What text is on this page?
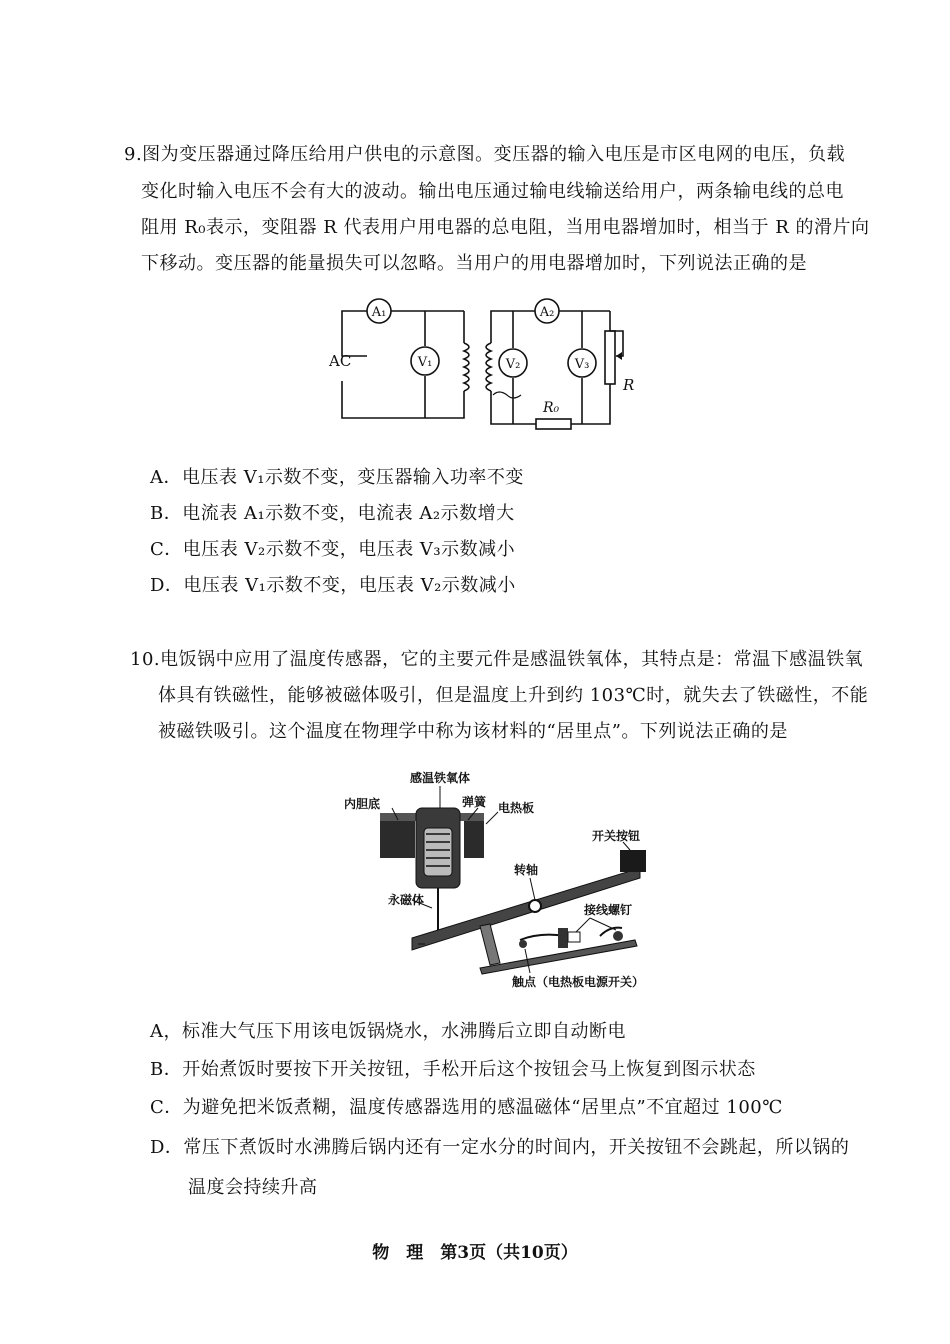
9.图为变压器通过降压给用户供电的示意图。变压器的输入电压是市区电网的电压，负载
变化时输入电压不会有大的波动。输出电压通过输电线输送给用户，两条输电线的总电
阻用 R₀表示，变阻器 R 代表用户用电器的总电阻，当用电器增加时，相当于 R 的滑片向
下移动。变压器的能量损失可以忽略。当用户的用电器增加时，下列说法正确的是
AC
A₁	A₂
V₁	V₂	V₃
R₀
R
A．电压表 V₁示数不变，变压器输入功率不变
B．电流表 A₁示数不变，电流表 A₂示数增大
C．电压表 V₂示数不变，电压表 V₃示数减小
D．电压表 V₁示数不变，电压表 V₂示数减小
10.电饭锅中应用了温度传感器，它的主要元件是感温铁氧体，其特点是：常温下感温铁氧
体具有铁磁性，能够被磁体吸引，但是温度上升到约 103℃时，就失去了铁磁性，不能
被磁铁吸引。这个温度在物理学中称为该材料的“居里点”。下列说法正确的是
感温铁氧体
内胆底	弹簧 电热板
开关按钮
转轴
永磁体
接线螺钉
触点（电热板电源开关）
A，标准大气压下用该电饭锅烧水，水沸腾后立即自动断电
B．开始煮饭时要按下开关按钮，手松开后这个按钮会马上恢复到图示状态
C．为避免把米饭煮糊，温度传感器选用的感温磁体“居里点”不宜超过 100℃
D．常压下煮饭时水沸腾后锅内还有一定水分的时间内，开关按钮不会跳起，所以锅的
温度会持续升高
物　理　第3页（共10页）
